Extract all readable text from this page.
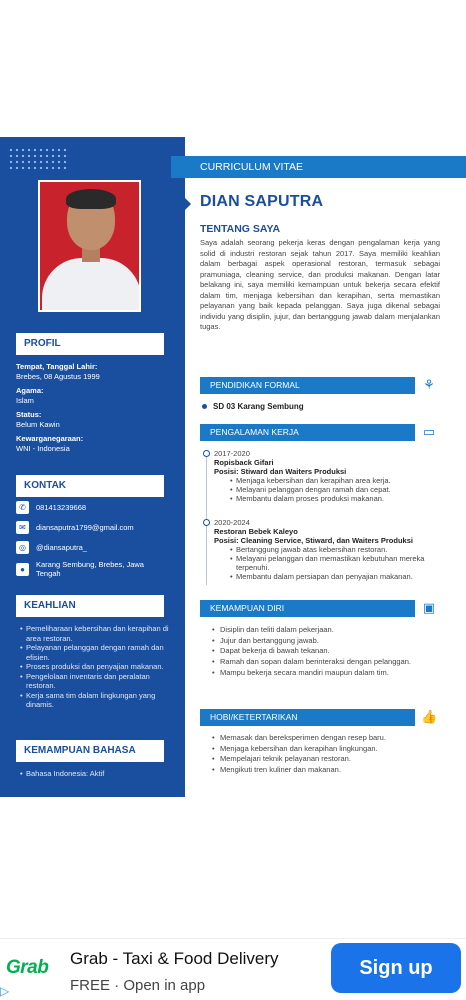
PROFIL
Tempat, Tanggal Lahir:
Brebes, 08 Agustus 1999
Agama:
Islam
Status:
Belum Kawin
Kewarganegaraan:
WNI - Indonesia
KONTAK
✆	081413239668
✉	diansaputra1799@gmail.com
◎	@diansaputra_
●	Karang Sembung, Brebes, Jawa Tengah
KEAHLIAN
• Pemeliharaan kebersihan dan kerapihan di area restoran.
• Pelayanan pelanggan dengan ramah dan efisien.
• Proses produksi dan penyajian makanan.
• Pengelolaan inventaris dan peralatan restoran.
• Kerja sama tim dalam lingkungan yang dinamis.
KEMAMPUAN BAHASA
• Bahasa Indonesia: Aktif
CURRICULUM VITAE
DIAN SAPUTRA
TENTANG SAYA
Saya adalah seorang pekerja keras dengan pengalaman kerja yang solid di industri restoran sejak tahun 2017. Saya memiliki keahlian dalam berbagai aspek operasional restoran, termasuk sebagai pramuniaga, cleaning service, dan produksi makanan. Dengan latar belakang ini, saya memiliki kemampuan untuk bekerja secara efektif dalam tim, menjaga kebersihan dan kerapihan, serta memastikan pelayanan yang baik kepada pelanggan. Saya juga dikenal sebagai individu yang disiplin, jujur, dan bertanggung jawab dalam menjalankan tugas.
PENDIDIKAN FORMAL	⚘
SD 03 Karang Sembung
PENGALAMAN KERJA	▭
2017-2020
Ropisback Gifari
Posisi: Stiward dan Waiters Produksi
• Menjaga kebersihan dan kerapihan area kerja.
• Melayani pelanggan dengan ramah dan cepat.
• Membantu dalam proses produksi makanan.
2020-2024
Restoran Bebek Kaleyo
Posisi: Cleaning Service, Stiward, dan Waiters Produksi
• Bertanggung jawab atas kebersihan restoran.
• Melayani pelanggan dan memastikan kebutuhan mereka terpenuhi.
• Membantu dalam persiapan dan penyajian makanan.
KEMAMPUAN DIRI	▣
• Disiplin dan teliti dalam pekerjaan.
• Jujur dan bertanggung jawab.
• Dapat bekerja di bawah tekanan.
• Ramah dan sopan dalam berinteraksi dengan pelanggan.
• Mampu bekerja secara mandiri maupun dalam tim.
HOBI/KETERTARIKAN	👍
• Memasak dan bereksperimen dengan resep baru.
• Menjaga kebersihan dan kerapihan lingkungan.
• Mempelajari teknik pelayanan restoran.
• Mengikuti tren kuliner dan makanan.
Grab
▷
Grab - Taxi & Food Delivery
FREE · Open in app
Sign up
